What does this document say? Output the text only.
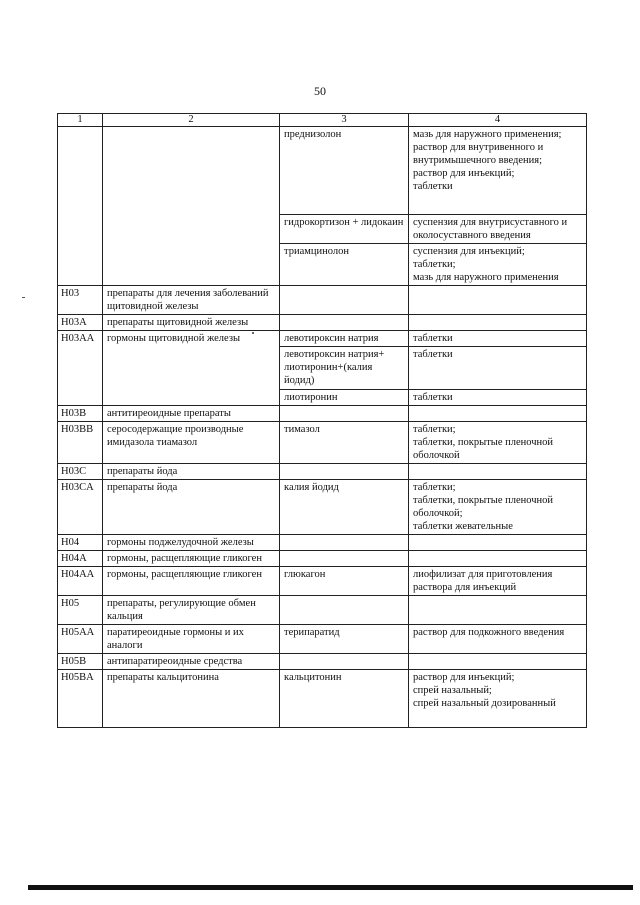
50
1	2	3	4
		преднизолон	мазь для наружного применения;
раствор для внутривенного и внутримышечного введения;
раствор для инъекций;
таблетки

		гидрокортизон + лидокаин	суспензия для внутрисуставного и околосуставного введения

		триамцинолон	суспензия для инъекций;
таблетки;
мазь для наружного применения

H03	препараты для лечения заболеваний щитовидной железы		
H03A	препараты щитовидной железы		
H03AA	гормоны щитовидной железы	левотироксин натрия	таблетки

		левотироксин натрия+ лиотиронин+(калия йодид)	таблетки

		лиотиронин	таблетки

H03B	антитиреоидные препараты		
H03BB	серосодержащие производные имидазола тиамазол	тимазол	таблетки;
таблетки, покрытые пленочной оболочкой

H03C	препараты йода		
H03CA	препараты йода	калия йодид	таблетки;
таблетки, покрытые пленочной оболочкой;
таблетки жевательные

H04	гормоны поджелудочной железы		
H04A	гормоны, расщепляющие гликоген		
H04AA	гормоны, расщепляющие гликоген	глюкагон	лиофилизат для приготовления раствора для инъекций

H05	препараты, регулирующие обмен кальция		
H05AA	паратиреоидные гормоны и их аналоги	терипаратид	раствор для подкожного введения

H05B	антипаратиреоидные средства		
H05BA	препараты кальцитонина	кальцитонин	раствор для инъекций;
спрей назальный;
спрей назальный дозированный
